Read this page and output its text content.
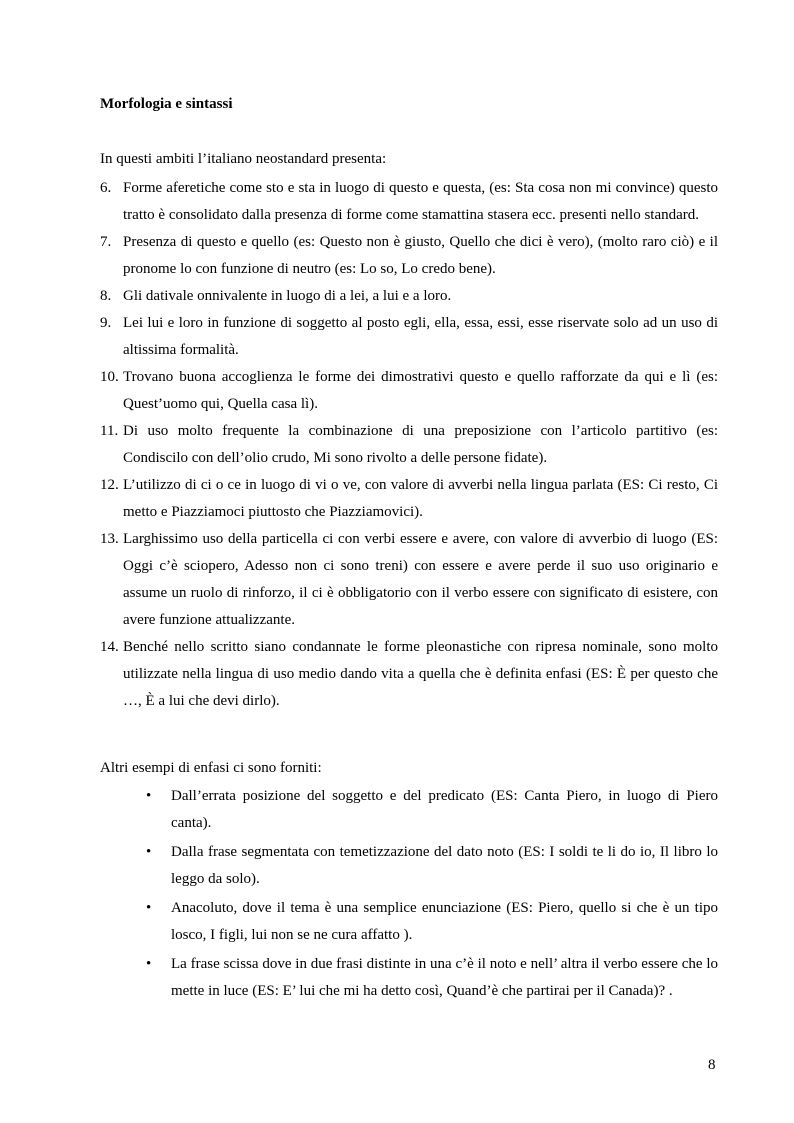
Morfologia e sintassi
In questi ambiti l’italiano neostandard presenta:
6. Forme aferetiche come sto e sta in luogo di questo e questa, (es: Sta cosa non mi convince) questo tratto è consolidato dalla presenza di forme come stamattina stasera ecc. presenti nello standard.
7. Presenza di questo e quello (es: Questo non è giusto, Quello che dici è vero), (molto raro ciò) e il pronome lo con funzione di neutro (es: Lo so, Lo credo bene).
8. Gli dativale onnivalente in luogo di a lei, a lui e a loro.
9. Lei lui e loro in funzione di soggetto al posto egli, ella, essa, essi, esse riservate solo ad un uso di altissima formalità.
10. Trovano buona accoglienza le forme dei dimostrativi questo e quello rafforzate da qui e lì (es: Quest’uomo qui, Quella casa lì).
11. Di uso molto frequente la combinazione di una preposizione con l’articolo partitivo (es: Condiscilo con dell’olio crudo, Mi sono rivolto a delle persone fidate).
12. L’utilizzo di ci o ce in luogo di vi o ve, con valore di avverbi nella lingua parlata (ES: Ci resto, Ci metto e Piazziamoci piuttosto che Piazziamovici).
13. Larghissimo uso della particella ci con verbi essere e avere, con valore di avverbio di luogo (ES: Oggi c’è sciopero, Adesso non ci sono treni) con essere e avere perde il suo uso originario e assume un ruolo di rinforzo, il ci è obbligatorio con il verbo essere con significato di esistere, con avere funzione attualizzante.
14. Benché nello scritto siano condannate le forme pleonastiche con ripresa nominale, sono molto utilizzate nella lingua di uso medio dando vita a quella che è definita enfasi (ES: È per questo che …, È a lui che devi dirlo).
Altri esempi di enfasi ci sono forniti:
• Dall’errata posizione del soggetto e del predicato (ES: Canta Piero, in luogo di Piero canta).
• Dalla frase segmentata con temetizzazione del dato noto (ES: I soldi te li do io, Il libro lo leggo da solo).
• Anacoluto, dove il tema è una semplice enunciazione (ES: Piero, quello si che è un tipo losco, I figli, lui non se ne cura affatto ).
• La frase scissa dove in due frasi distinte in una c’è il noto e nell’ altra il verbo essere che lo mette in luce (ES: E’ lui che mi ha detto così, Quand’è che partirai per il Canada)? .
8
